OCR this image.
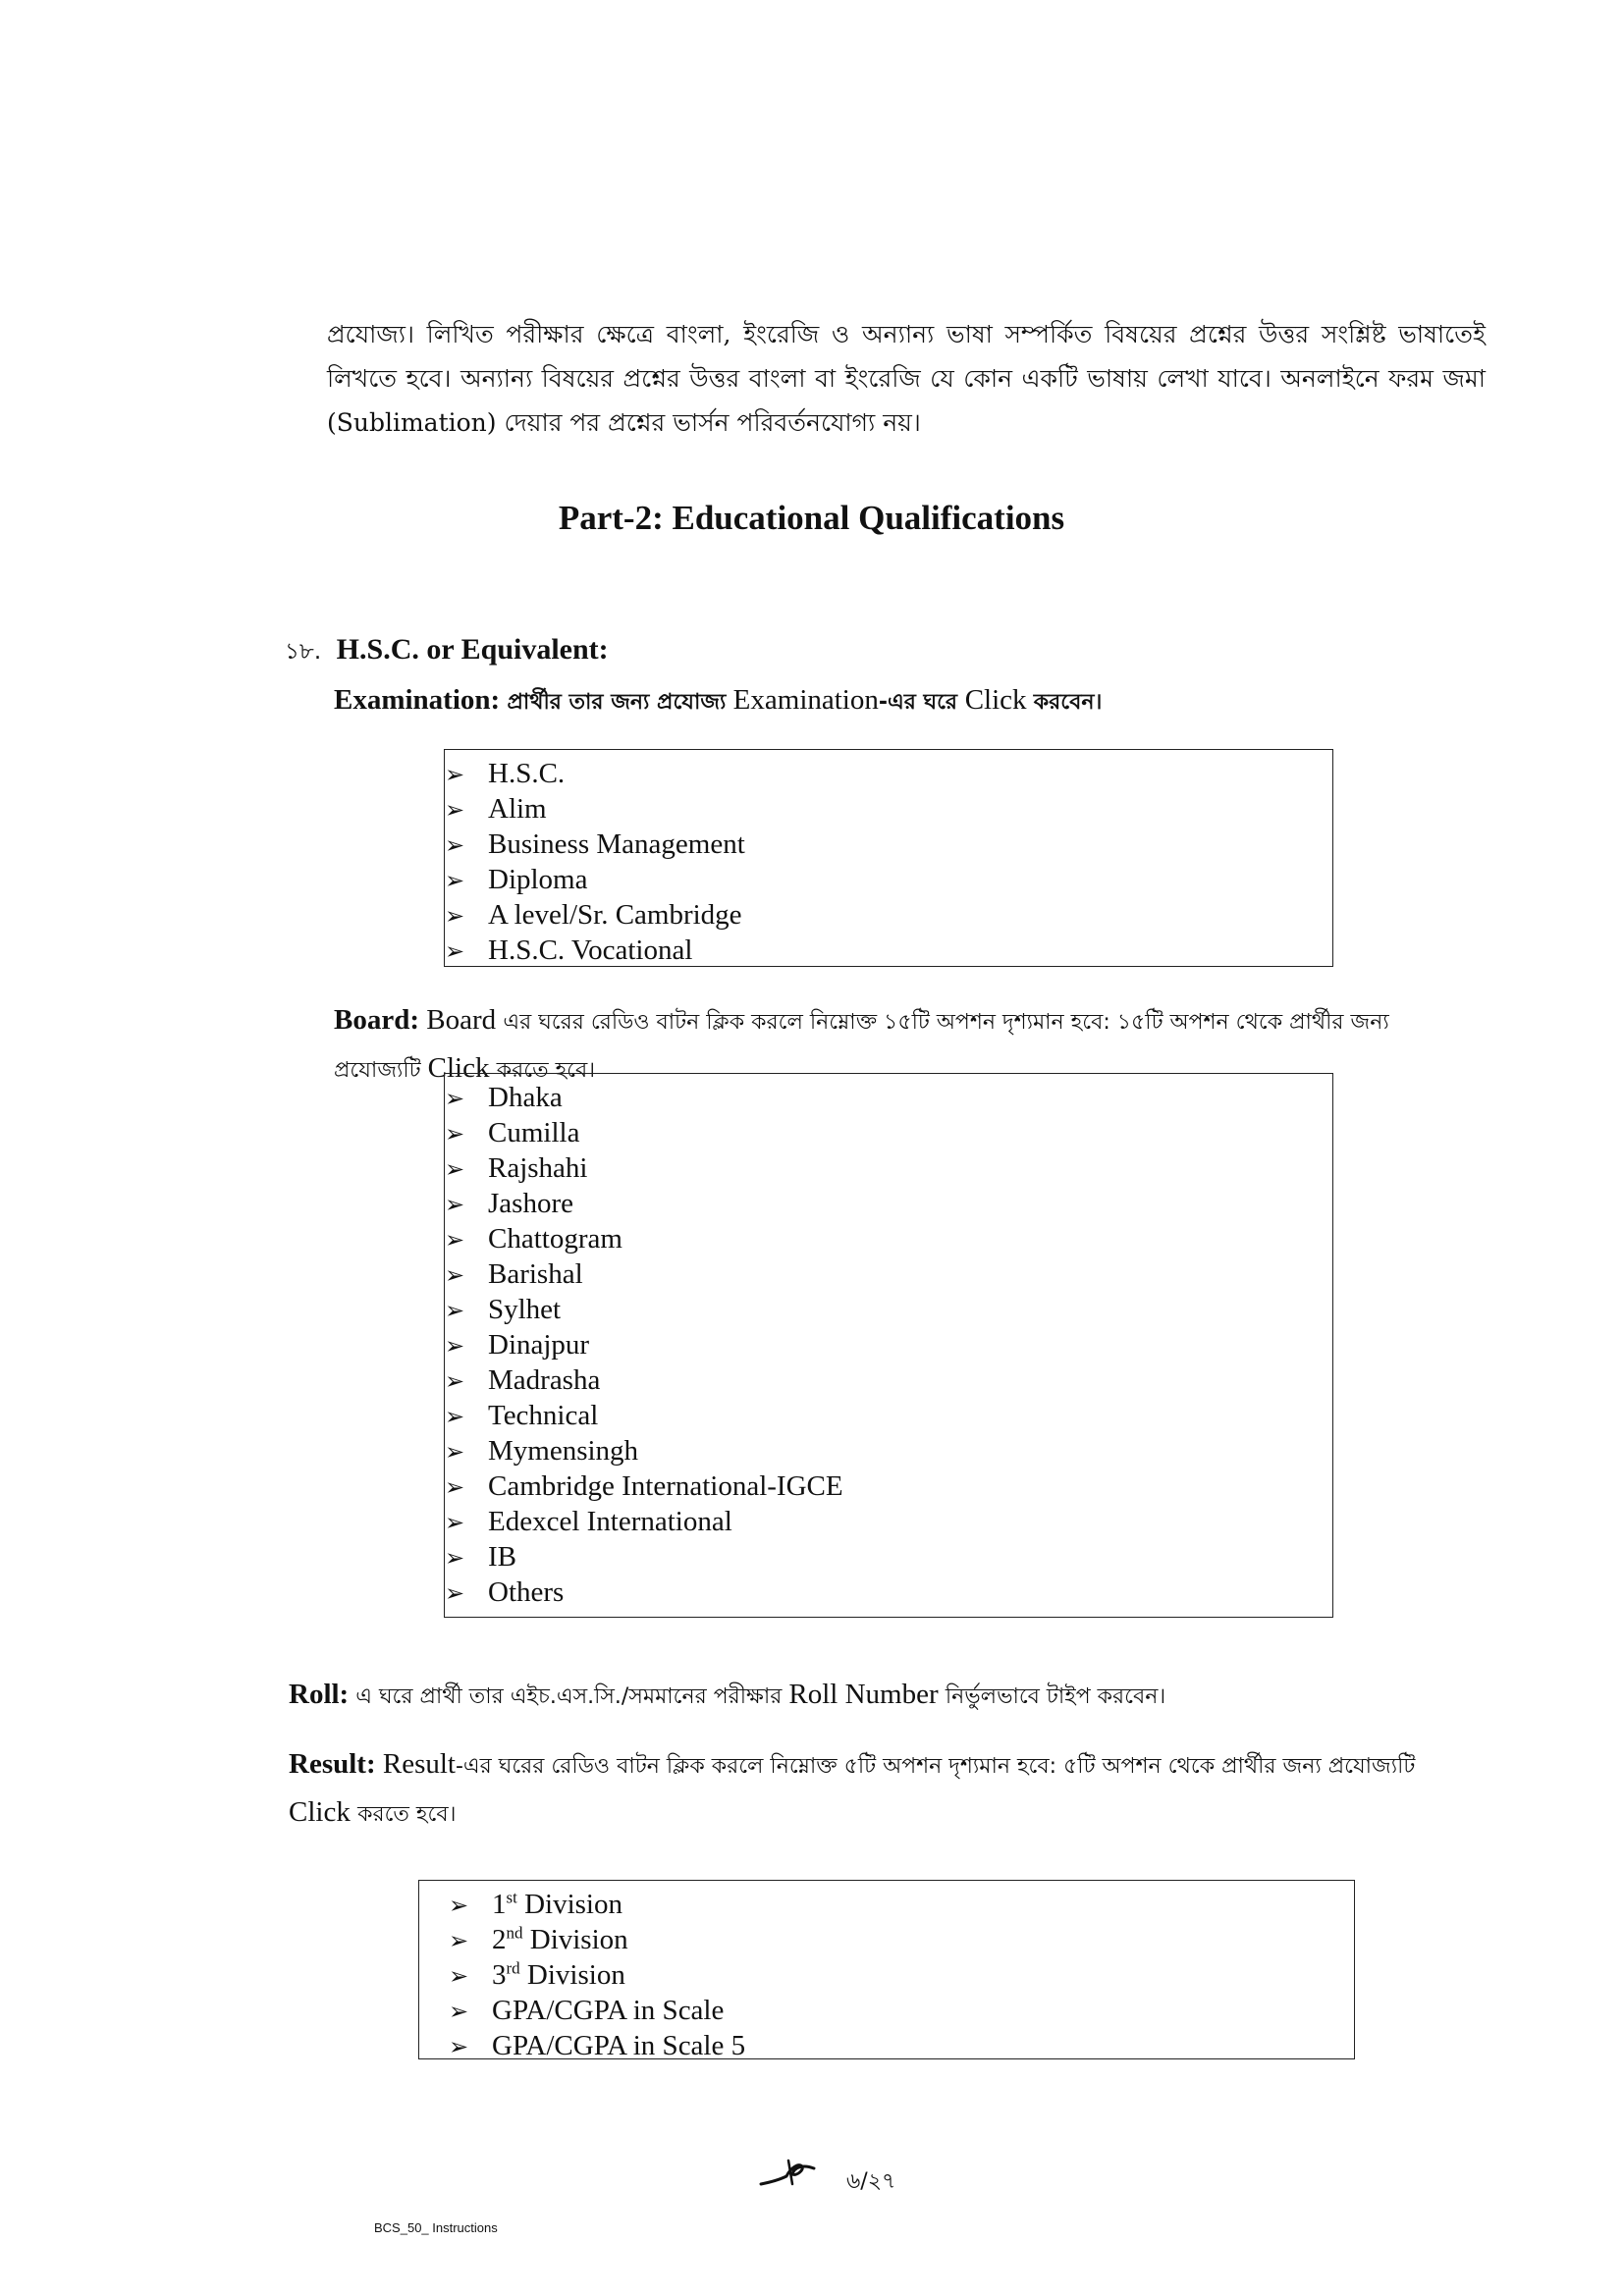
প্রযোজ্য। লিখিত পরীক্ষার ক্ষেত্রে বাংলা, ইংরেজি ও অন্যান্য ভাষা সম্পর্কিত বিষয়ের প্রশ্নের উত্তর সংশ্লিষ্ট ভাষাতেই লিখতে হবে। অন্যান্য বিষয়ের প্রশ্নের উত্তর বাংলা বা ইংরেজি যে কোন একটি ভাষায় লেখা যাবে। অনলাইনে ফরম জমা (Sublimation) দেয়ার পর প্রশ্নের ভার্সন পরিবর্তনযোগ্য নয়।

Part-2: Educational Qualifications
১৮. H.S.C. or Equivalent:
Examination: প্রার্থীর তার জন্য প্রযোজ্য Examination-এর ঘরে Click করবেন।
➢ H.S.C.
➢ Alim
➢ Business Management
➢ Diploma
➢ A level/Sr. Cambridge
➢ H.S.C. Vocational
Board: Board এর ঘরের রেডিও বাটন ক্লিক করলে নিম্নোক্ত ১৫টি অপশন দৃশ্যমান হবে: ১৫টি অপশন থেকে প্রার্থীর জন্য প্রযোজ্যটি Click করতে হবে।
➢ Dhaka
➢ Cumilla
➢ Rajshahi
➢ Jashore
➢ Chattogram
➢ Barishal
➢ Sylhet
➢ Dinajpur
➢ Madrasha
➢ Technical
➢ Mymensingh
➢ Cambridge International-IGCE
➢ Edexcel International
➢ IB
➢ Others
Roll: এ ঘরে প্রার্থী তার এইচ.এস.সি./সমমানের পরীক্ষার Roll Number নির্ভুলভাবে টাইপ করবেন।
Result: Result-এর ঘরের রেডিও বাটন ক্লিক করলে নিম্নোক্ত ৫টি অপশন দৃশ্যমান হবে: ৫টি অপশন থেকে প্রার্থীর জন্য প্রযোজ্যটি Click করতে হবে।
➢ 1st Division
➢ 2nd Division
➢ 3rd Division
➢ GPA/CGPA in Scale
➢ GPA/CGPA in Scale 5
৬/২৭
BCS_50_ Instructions
